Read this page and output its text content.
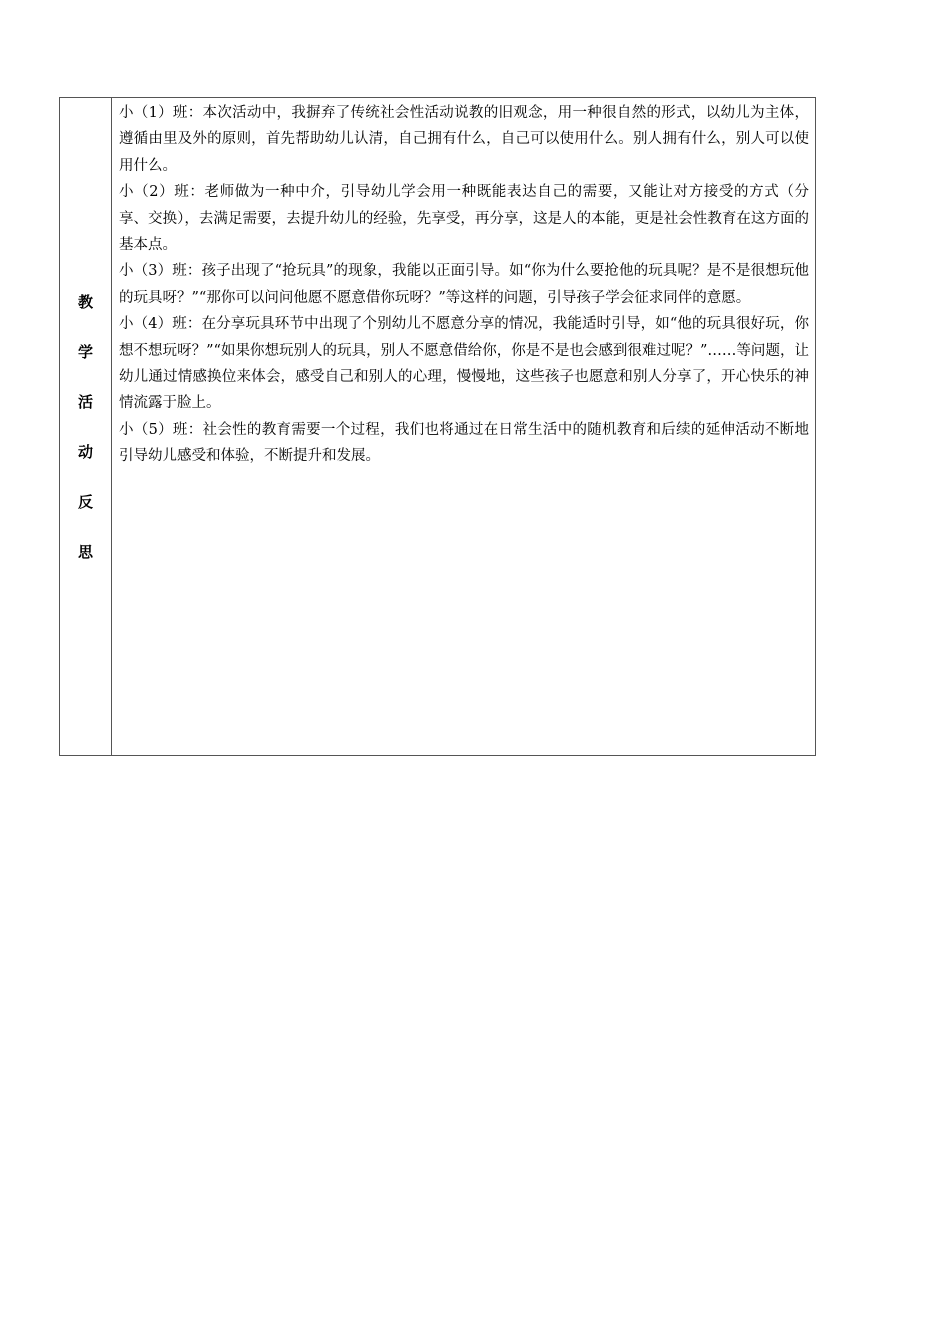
教
学
活
动
反
思

小（1）班：本次活动中，我摒弃了传统社会性活动说教的旧观念，用一种很自然的形式，以幼儿为主体，遵循由里及外的原则，首先帮助幼儿认清，自己拥有什么，自己可以使用什么。别人拥有什么，别人可以使用什么。

小（2）班：老师做为一种中介，引导幼儿学会用一种既能表达自己的需要，又能让对方接受的方式（分享、交换），去满足需要，去提升幼儿的经验，先享受，再分享，这是人的本能，更是社会性教育在这方面的基本点。

小（3）班：孩子出现了“抢玩具”的现象，我能以正面引导。如“你为什么要抢他的玩具呢？是不是很想玩他的玩具呀？”“那你可以问问他愿不愿意借你玩呀？”等这样的问题，引导孩子学会征求同伴的意愿。

小（4）班：在分享玩具环节中出现了个别幼儿不愿意分享的情况，我能适时引导，如“他的玩具很好玩，你想不想玩呀？”“如果你想玩别人的玩具，别人不愿意借给你，你是不是也会感到很难过呢？”……等问题，让幼儿通过情感换位来体会，感受自己和别人的心理，慢慢地，这些孩子也愿意和别人分享了，开心快乐的神情流露于脸上。

小（5）班：社会性的教育需要一个过程，我们也将通过在日常生活中的随机教育和后续的延伸活动不断地引导幼儿感受和体验，不断提升和发展。
